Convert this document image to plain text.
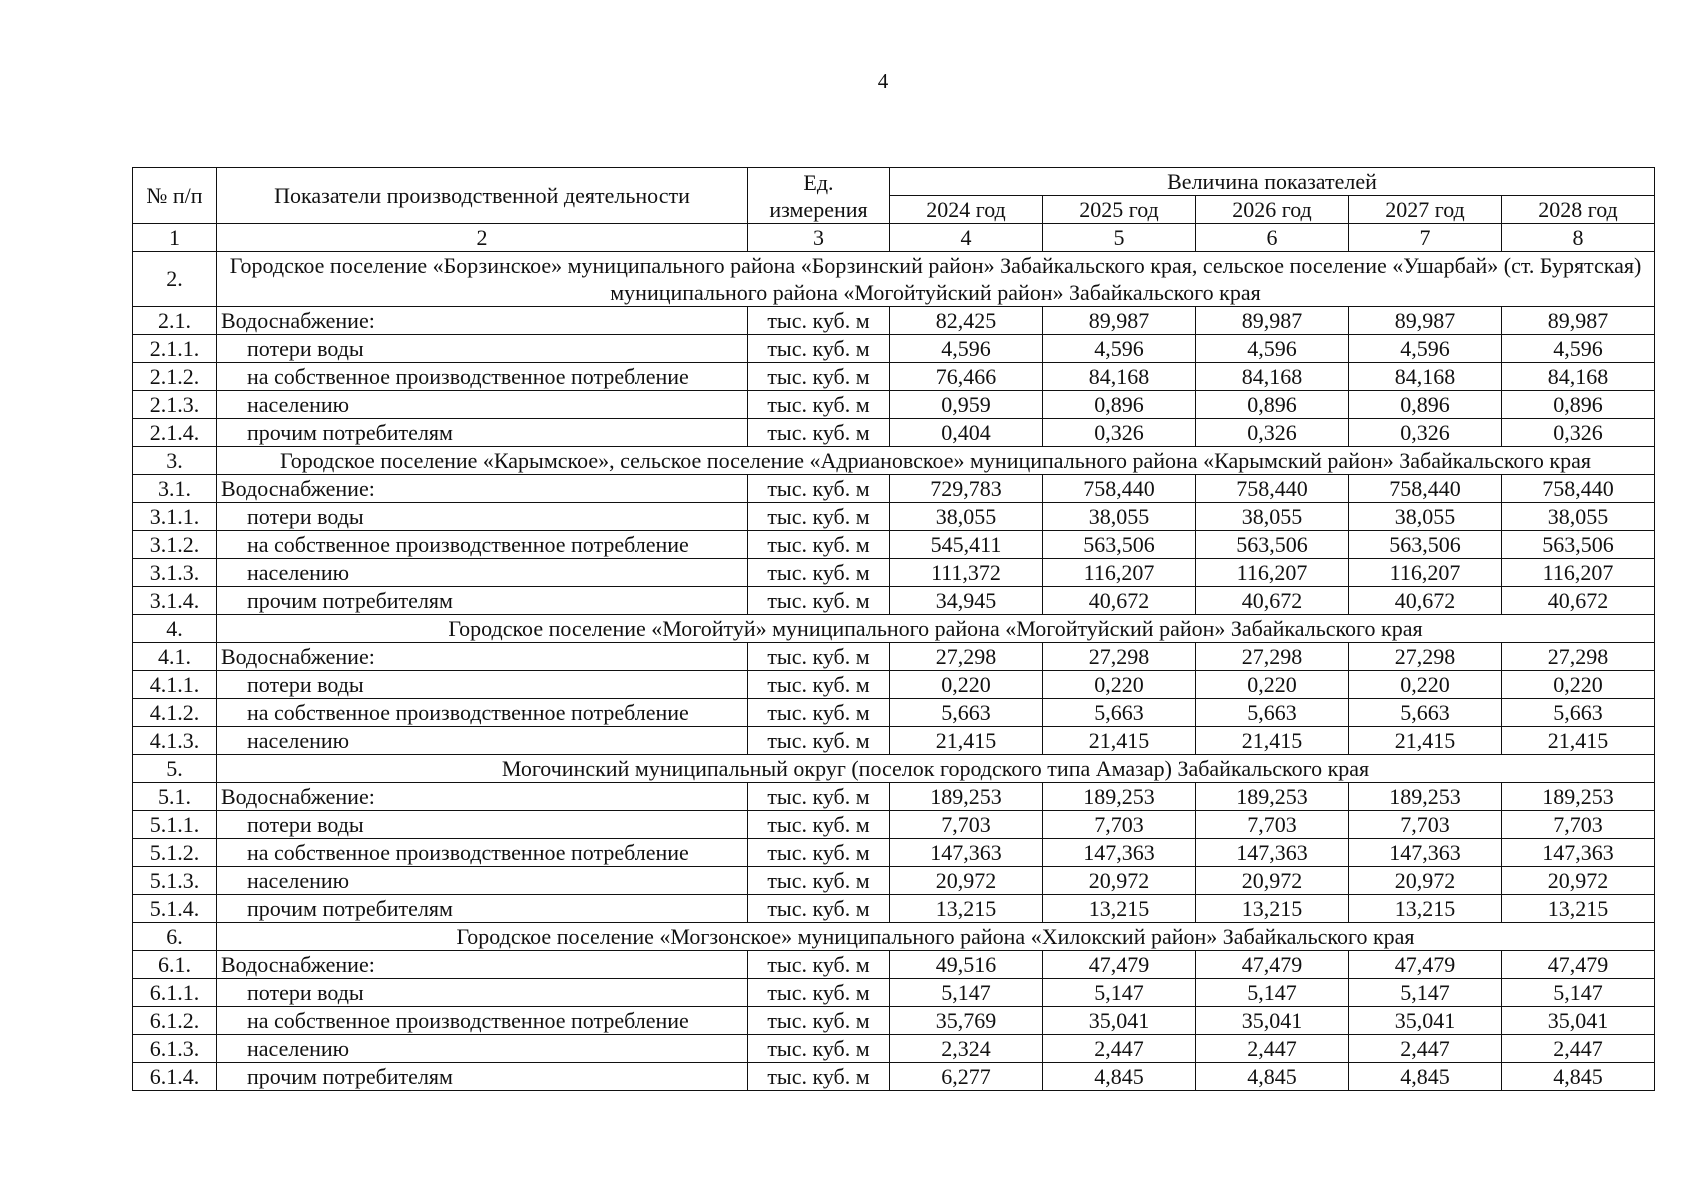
4
№ п/п	Показатели производственной деятельности	Ед. измерения	Величина показателей				
			2024 год	2025 год	2026 год	2027 год	2028 год
1	2	3	4	5	6	7	8
2.	Городское поселение «Борзинское» муниципального района «Борзинский район» Забайкальского края, сельское поселение «Ушарбай» (ст. Бурятская) муниципального района «Могойтуйский район» Забайкальского края						
2.1.	Водоснабжение:	тыс. куб. м	82,425	89,987	89,987	89,987	89,987
2.1.1.	потери воды	тыс. куб. м	4,596	4,596	4,596	4,596	4,596
2.1.2.	на собственное производственное потребление	тыс. куб. м	76,466	84,168	84,168	84,168	84,168
2.1.3.	населению	тыс. куб. м	0,959	0,896	0,896	0,896	0,896
2.1.4.	прочим потребителям	тыс. куб. м	0,404	0,326	0,326	0,326	0,326
3.	Городское поселение «Карымское», сельское поселение «Адриановское» муниципального района «Карымский район» Забайкальского края						
3.1.	Водоснабжение:	тыс. куб. м	729,783	758,440	758,440	758,440	758,440
3.1.1.	потери воды	тыс. куб. м	38,055	38,055	38,055	38,055	38,055
3.1.2.	на собственное производственное потребление	тыс. куб. м	545,411	563,506	563,506	563,506	563,506
3.1.3.	населению	тыс. куб. м	111,372	116,207	116,207	116,207	116,207
3.1.4.	прочим потребителям	тыс. куб. м	34,945	40,672	40,672	40,672	40,672
4.	Городское поселение «Могойтуй» муниципального района «Могойтуйский район» Забайкальского края						
4.1.	Водоснабжение:	тыс. куб. м	27,298	27,298	27,298	27,298	27,298
4.1.1.	потери воды	тыс. куб. м	0,220	0,220	0,220	0,220	0,220
4.1.2.	на собственное производственное потребление	тыс. куб. м	5,663	5,663	5,663	5,663	5,663
4.1.3.	населению	тыс. куб. м	21,415	21,415	21,415	21,415	21,415
5.	Могочинский муниципальный округ (поселок городского типа Амазар) Забайкальского края						
5.1.	Водоснабжение:	тыс. куб. м	189,253	189,253	189,253	189,253	189,253
5.1.1.	потери воды	тыс. куб. м	7,703	7,703	7,703	7,703	7,703
5.1.2.	на собственное производственное потребление	тыс. куб. м	147,363	147,363	147,363	147,363	147,363
5.1.3.	населению	тыс. куб. м	20,972	20,972	20,972	20,972	20,972
5.1.4.	прочим потребителям	тыс. куб. м	13,215	13,215	13,215	13,215	13,215
6.	Городское поселение «Могзонское» муниципального района «Хилокский район» Забайкальского края						
6.1.	Водоснабжение:	тыс. куб. м	49,516	47,479	47,479	47,479	47,479
6.1.1.	потери воды	тыс. куб. м	5,147	5,147	5,147	5,147	5,147
6.1.2.	на собственное производственное потребление	тыс. куб. м	35,769	35,041	35,041	35,041	35,041
6.1.3.	населению	тыс. куб. м	2,324	2,447	2,447	2,447	2,447
6.1.4.	прочим потребителям	тыс. куб. м	6,277	4,845	4,845	4,845	4,845
